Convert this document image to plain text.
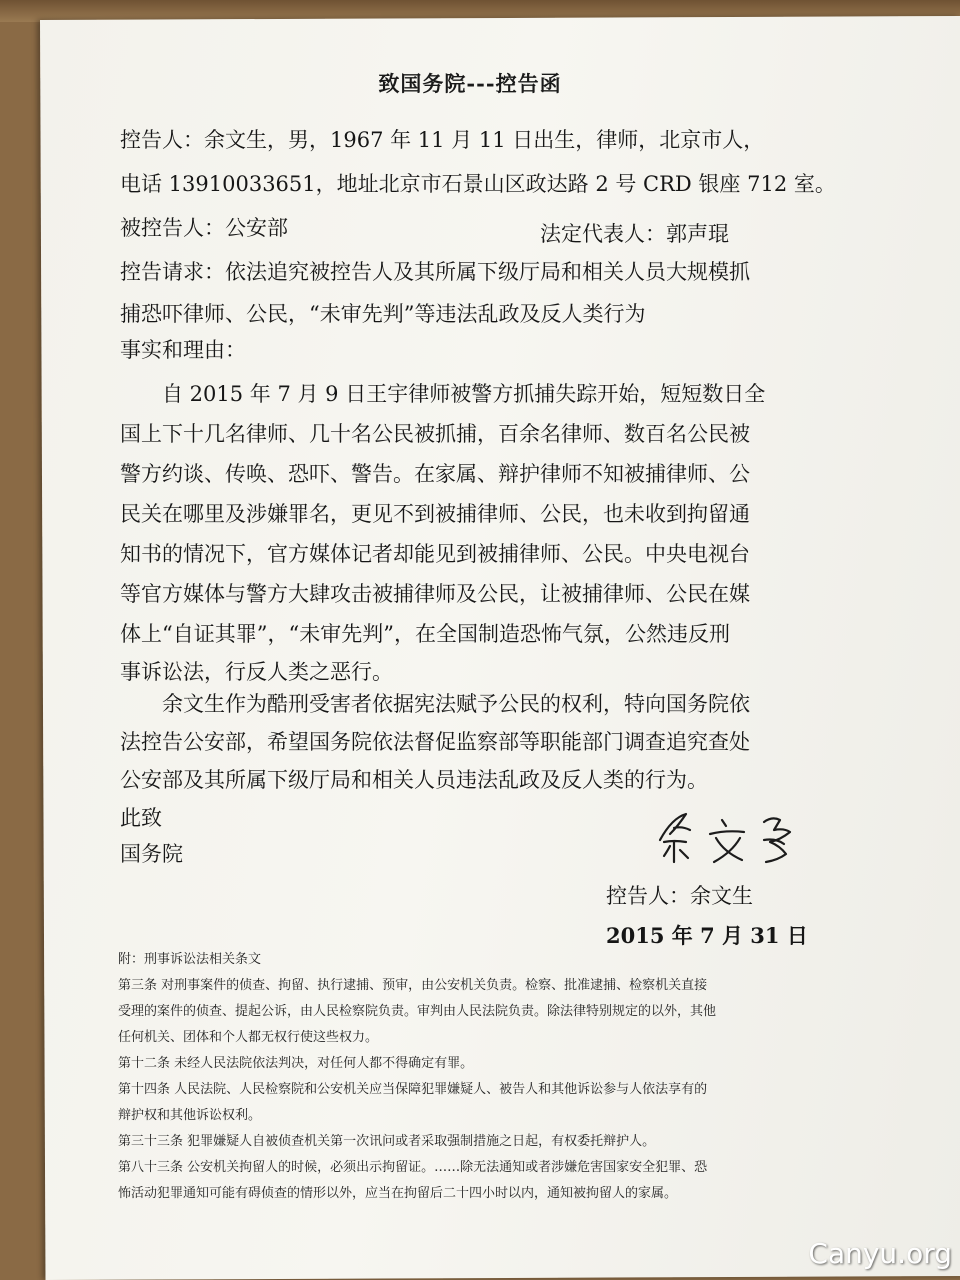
致国务院---控告函
控告人：余文生，男，1967 年 11 月 11 日出生，律师，北京市人，
电话 13910033651，地址北京市石景山区政达路 2 号 CRD 银座 712 室。
被控告人：公安部	法定代表人：郭声琨
控告请求：依法追究被控告人及其所属下级厅局和相关人员大规模抓
捕恐吓律师、公民，“未审先判”等违法乱政及反人类行为
事实和理由：
自 2015 年 7 月 9 日王宇律师被警方抓捕失踪开始，短短数日全
国上下十几名律师、几十名公民被抓捕，百余名律师、数百名公民被
警方约谈、传唤、恐吓、警告。在家属、辩护律师不知被捕律师、公
民关在哪里及涉嫌罪名，更见不到被捕律师、公民，也未收到拘留通
知书的情况下，官方媒体记者却能见到被捕律师、公民。中央电视台
等官方媒体与警方大肆攻击被捕律师及公民，让被捕律师、公民在媒
体上“自证其罪”，“未审先判”，在全国制造恐怖气氛，公然违反刑
事诉讼法，行反人类之恶行。
余文生作为酷刑受害者依据宪法赋予公民的权利，特向国务院依
法控告公安部，希望国务院依法督促监察部等职能部门调查追究查处
公安部及其所属下级厅局和相关人员违法乱政及反人类的行为。
此致
国务院
控告人：余文生
2015 年 7 月 31 日
附：刑事诉讼法相关条文
第三条 对刑事案件的侦查、拘留、执行逮捕、预审，由公安机关负责。检察、批准逮捕、检察机关直接
受理的案件的侦查、提起公诉，由人民检察院负责。审判由人民法院负责。除法律特别规定的以外，其他
任何机关、团体和个人都无权行使这些权力。
第十二条 未经人民法院依法判决，对任何人都不得确定有罪。
第十四条 人民法院、人民检察院和公安机关应当保障犯罪嫌疑人、被告人和其他诉讼参与人依法享有的
辩护权和其他诉讼权利。
第三十三条 犯罪嫌疑人自被侦查机关第一次讯问或者采取强制措施之日起，有权委托辩护人。
第八十三条 公安机关拘留人的时候，必须出示拘留证。……除无法通知或者涉嫌危害国家安全犯罪、恐
怖活动犯罪通知可能有碍侦查的情形以外，应当在拘留后二十四小时以内，通知被拘留人的家属。
Canyu.org
